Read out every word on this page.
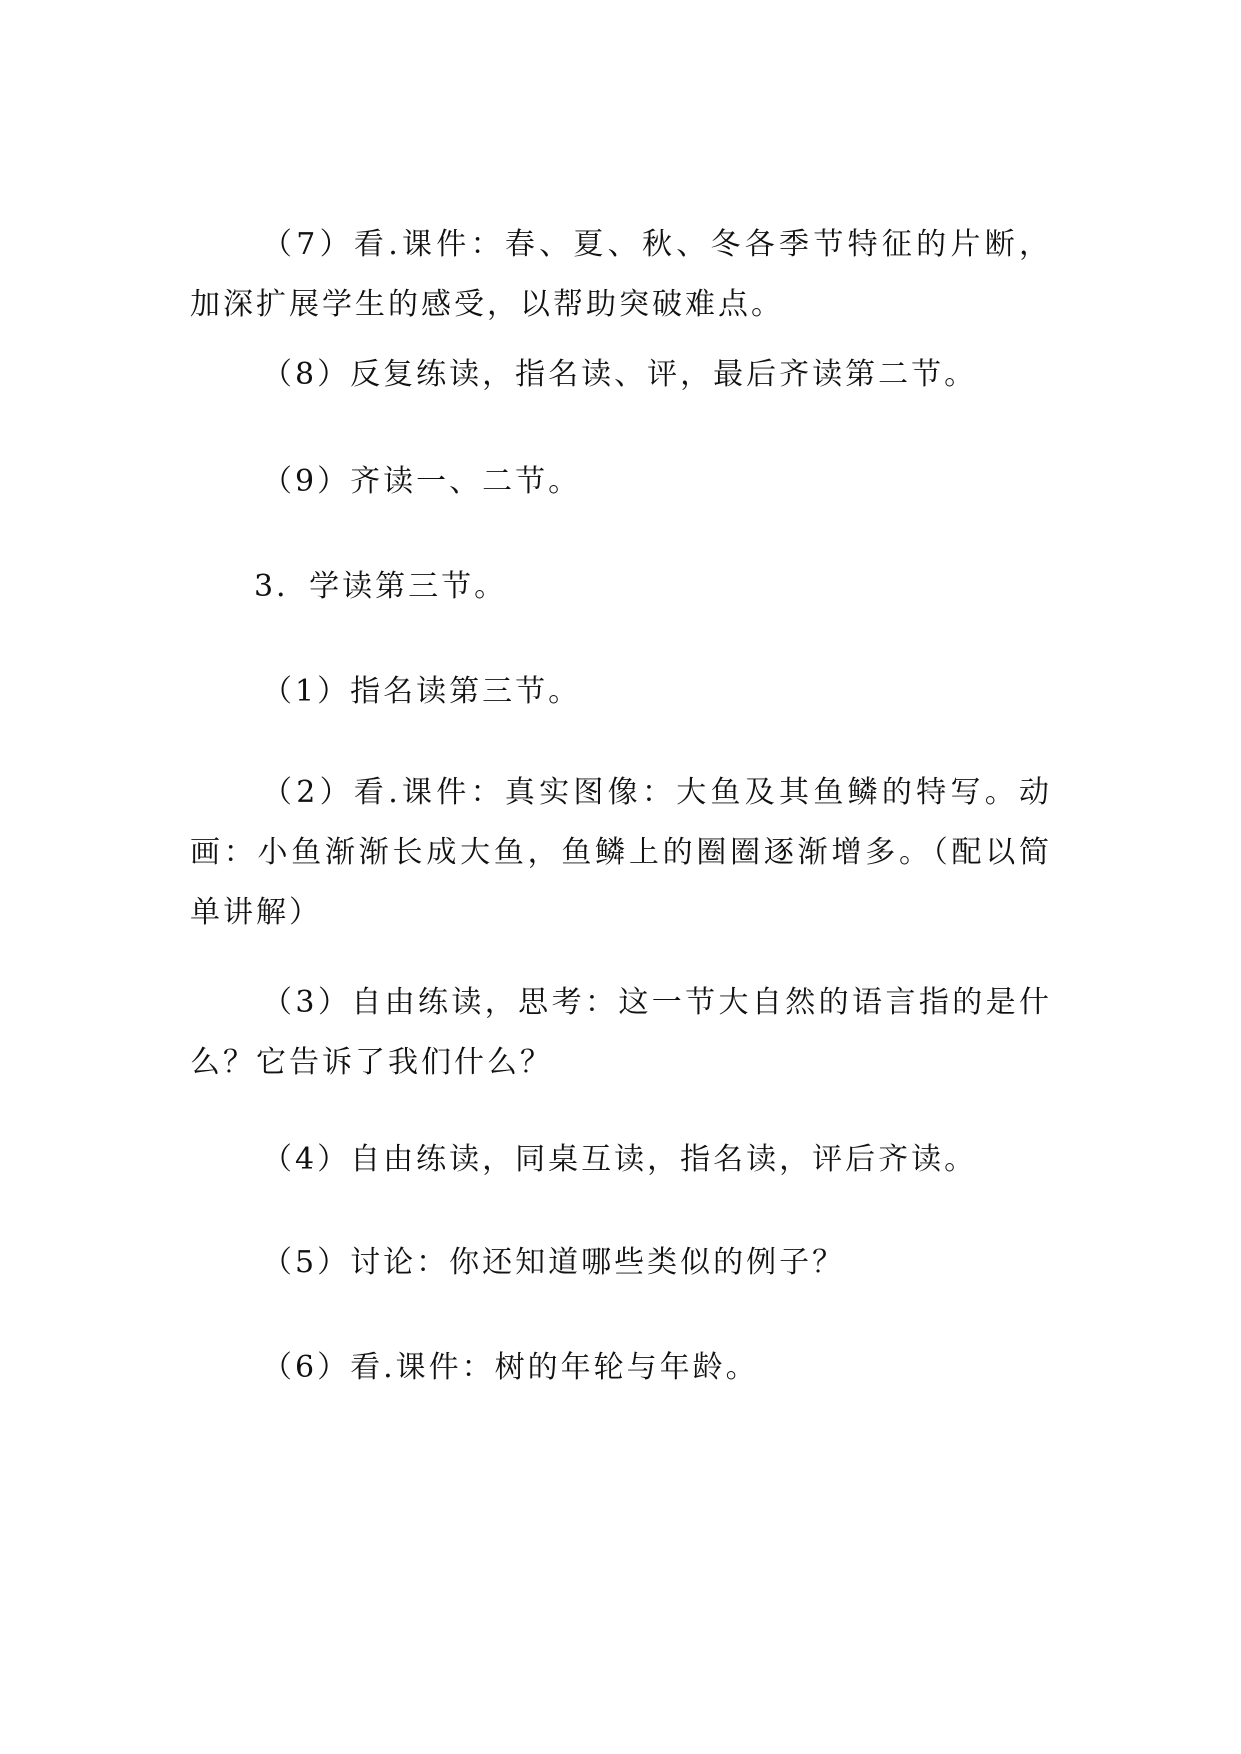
（7）看.课件：春、夏、秋、冬各季节特征的片断，加深扩展学生的感受，以帮助突破难点。

（8）反复练读，指名读、评，最后齐读第二节。

（9）齐读一、二节。

3．学读第三节。

（1）指名读第三节。

（2）看.课件：真实图像：大鱼及其鱼鳞的特写。动画：小鱼渐渐长成大鱼，鱼鳞上的圈圈逐渐增多。（配以简单讲解）

（3）自由练读，思考：这一节大自然的语言指的是什么？它告诉了我们什么？

（4）自由练读，同桌互读，指名读，评后齐读。

（5）讨论：你还知道哪些类似的例子？

（6）看.课件：树的年轮与年龄。
